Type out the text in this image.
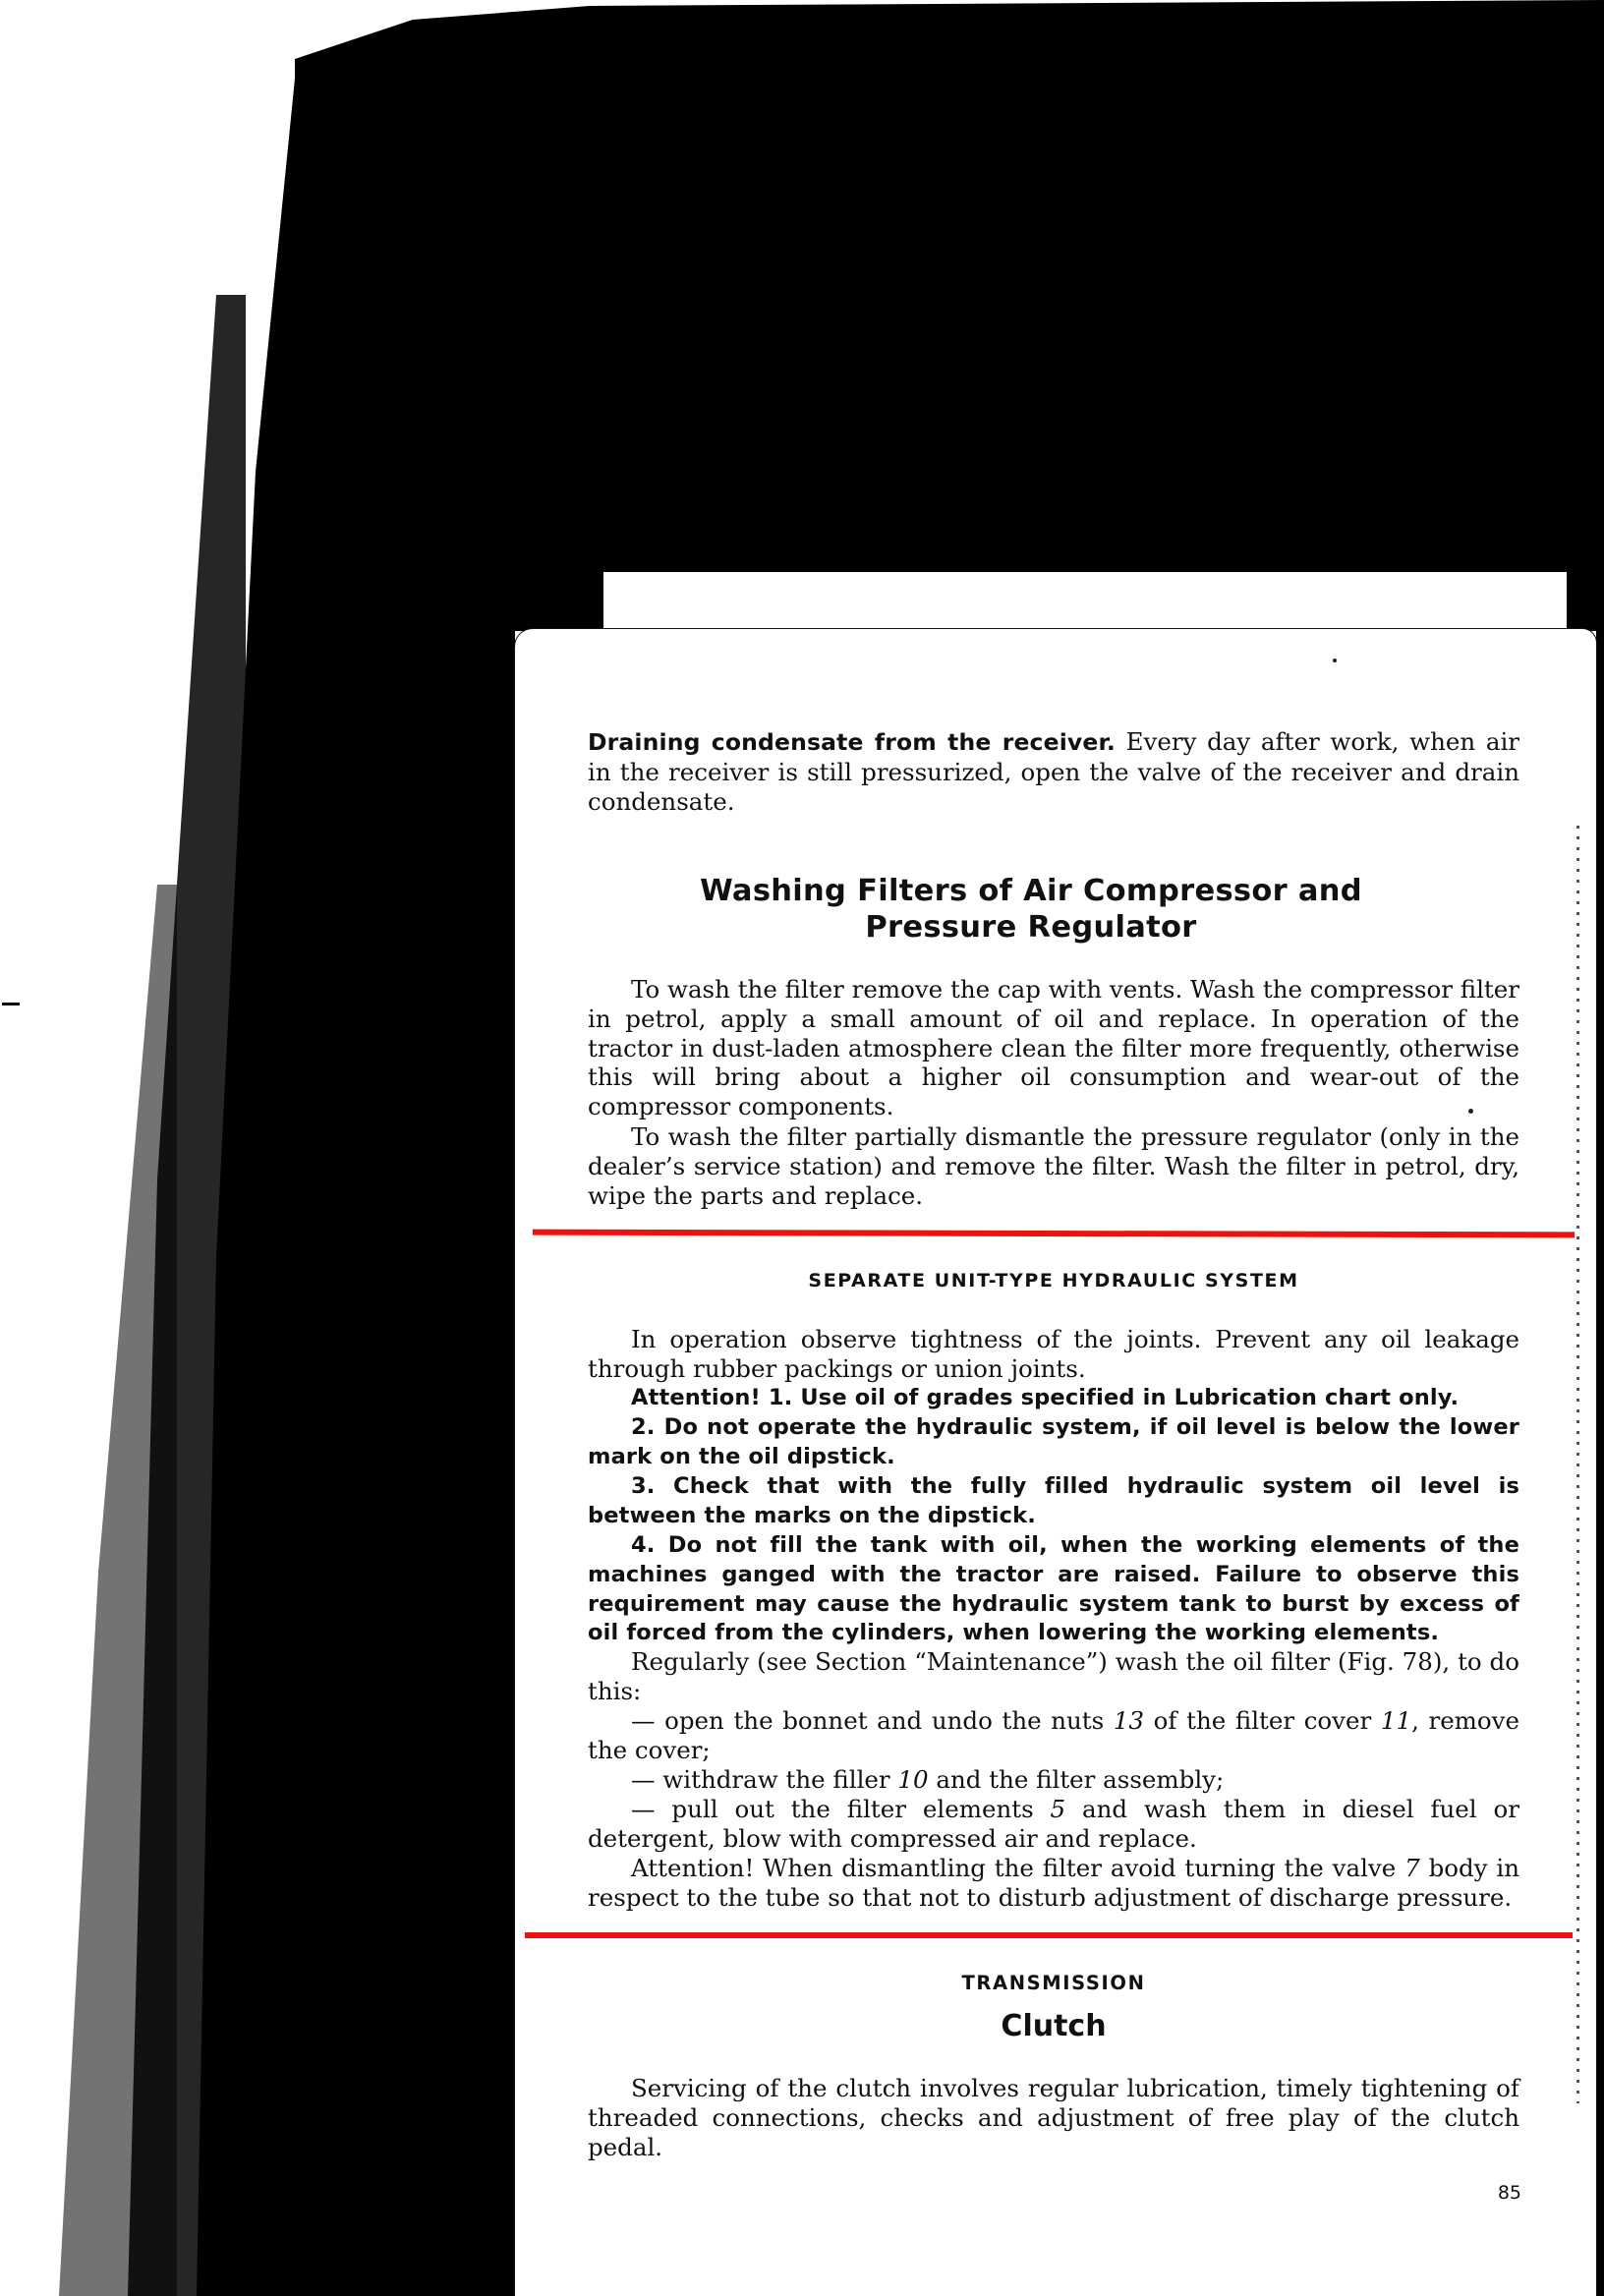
Draining condensate from the receiver. Every day after work, when air in the receiver is still pressurized, open the valve of the receiver and drain condensate.

Washing Filters of Air Compressor and Pressure Regulator

To wash the filter remove the cap with vents. Wash the compressor filter in petrol, apply a small amount of oil and replace. In operation of the tractor in dust-laden atmosphere clean the filter more frequently, otherwise this will bring about a higher oil consumption and wear-out of the compressor components.

To wash the filter partially dismantle the pressure regulator (only in the dealer’s service station) and remove the filter. Wash the filter in petrol, dry, wipe the parts and replace.

SEPARATE UNIT-TYPE HYDRAULIC SYSTEM

In operation observe tightness of the joints. Prevent any oil leakage through rubber packings or union joints.

Attention! 1. Use oil of grades specified in Lubrication chart only.

2. Do not operate the hydraulic system, if oil level is below the lower mark on the oil dipstick.

3. Check that with the fully filled hydraulic system oil level is between the marks on the dipstick.

4. Do not fill the tank with oil, when the working elements of the machines ganged with the tractor are raised. Failure to observe this requirement may cause the hydraulic system tank to burst by excess of oil forced from the cylinders, when lowering the working elements.

Regularly (see Section “Maintenance”) wash the oil filter (Fig. 78), to do this:

— open the bonnet and undo the nuts 13 of the filter cover 11, remove the cover;

— withdraw the filler 10 and the filter assembly;

— pull out the filter elements 5 and wash them in diesel fuel or detergent, blow with compressed air and replace.

Attention! When dismantling the filter avoid turning the valve 7 body in respect to the tube so that not to disturb adjustment of discharge pressure.

TRANSMISSION
Clutch

Servicing of the clutch involves regular lubrication, timely tightening of threaded connections, checks and adjustment of free play of the clutch pedal.

85
